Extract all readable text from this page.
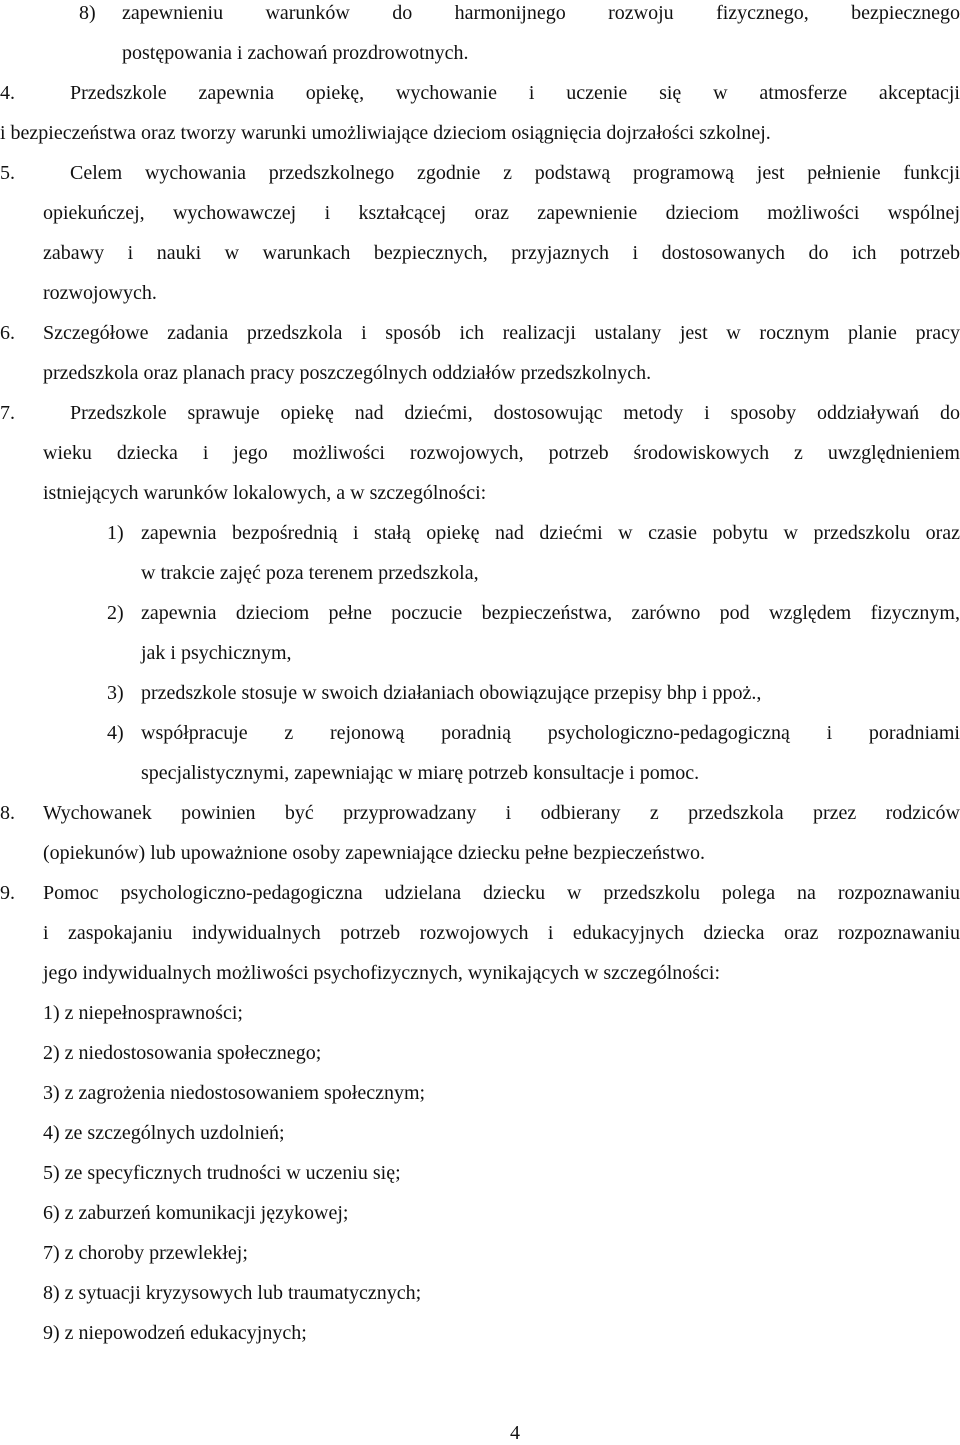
8) zapewnieniu warunków do harmonijnego rozwoju fizycznego, bezpiecznego
postępowania i zachowań prozdrowotnych.
4.	Przedszkole zapewnia opiekę, wychowanie i uczenie się w atmosferze akceptacji
i bezpieczeństwa oraz tworzy warunki umożliwiające dzieciom osiągnięcia dojrzałości szkolnej.
5.	Celem wychowania przedszkolnego zgodnie z podstawą programową jest pełnienie funkcji
opiekuńczej, wychowawczej i kształcącej oraz zapewnienie dzieciom możliwości wspólnej
zabawy i nauki w warunkach bezpiecznych, przyjaznych i dostosowanych do ich potrzeb
rozwojowych.
6. Szczegółowe zadania przedszkola i sposób ich realizacji ustalany jest w rocznym planie pracy
przedszkola oraz planach pracy poszczególnych oddziałów przedszkolnych.
7.	Przedszkole sprawuje opiekę nad dziećmi, dostosowując metody i sposoby oddziaływań do
wieku dziecka i jego możliwości rozwojowych, potrzeb środowiskowych z uwzględnieniem
istniejących warunków lokalowych, a w szczególności:
1) zapewnia bezpośrednią i stałą opiekę nad dziećmi w czasie pobytu w przedszkolu oraz
w trakcie zajęć poza terenem przedszkola,
2) zapewnia dzieciom pełne poczucie bezpieczeństwa, zarówno pod względem fizycznym,
jak i psychicznym,
3) przedszkole stosuje w swoich działaniach obowiązujące przepisy bhp i ppoż.,
4) współpracuje z rejonową poradnią psychologiczno-pedagogiczną i poradniami
specjalistycznymi, zapewniając w miarę potrzeb konsultacje i pomoc.
8. Wychowanek powinien być przyprowadzany i odbierany z przedszkola przez rodziców
(opiekunów) lub upoważnione osoby zapewniające dziecku pełne bezpieczeństwo.
9. Pomoc psychologiczno-pedagogiczna udzielana dziecku w przedszkolu polega na rozpoznawaniu
i zaspokajaniu indywidualnych potrzeb rozwojowych i edukacyjnych dziecka oraz rozpoznawaniu
jego indywidualnych możliwości psychofizycznych, wynikających w szczególności:
1) z niepełnosprawności;
2) z niedostosowania społecznego;
3) z zagrożenia niedostosowaniem społecznym;
4) ze szczególnych uzdolnień;
5) ze specyficznych trudności w uczeniu się;
6) z zaburzeń komunikacji językowej;
7) z choroby przewlekłej;
8) z sytuacji kryzysowych lub traumatycznych;
9) z niepowodzeń edukacyjnych;
4
